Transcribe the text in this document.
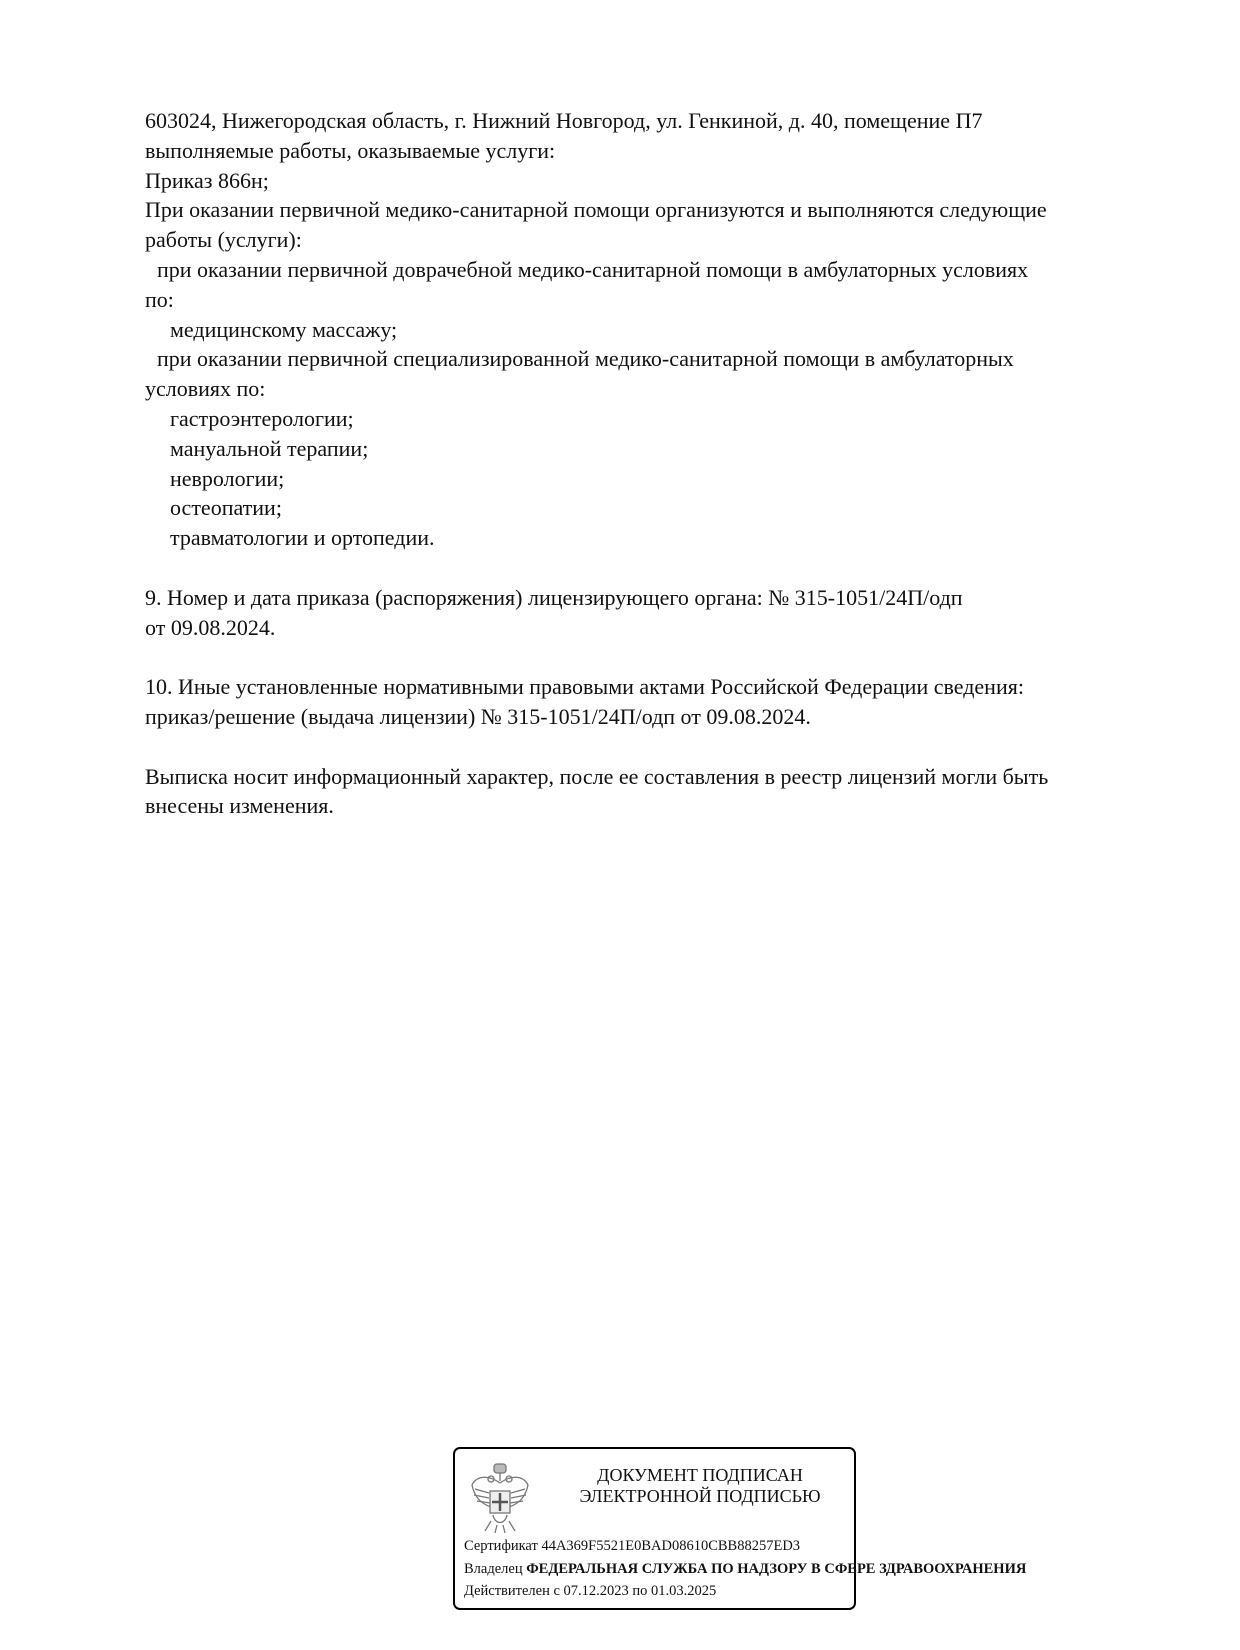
603024, Нижегородская область, г. Нижний Новгород, ул. Генкиной, д. 40, помещение П7
выполняемые работы, оказываемые услуги:
Приказ 866н;
При оказании первичной медико-санитарной помощи организуются и выполняются следующие
работы (услуги):
при оказании первичной доврачебной медико-санитарной помощи в амбулаторных условиях
по:
медицинскому массажу;
при оказании первичной специализированной медико-санитарной помощи в амбулаторных
условиях по:
гастроэнтерологии;
мануальной терапии;
неврологии;
остеопатии;
травматологии и ортопедии.
9. Номер и дата приказа (распоряжения) лицензирующего органа: № 315-1051/24П/одп
от 09.08.2024.
10. Иные установленные нормативными правовыми актами Российской Федерации сведения:
приказ/решение (выдача лицензии) № 315-1051/24П/одп от 09.08.2024.
Выписка носит информационный характер, после ее составления в реестр лицензий могли быть
внесены изменения.
ДОКУМЕНТ ПОДПИСАН
ЭЛЕКТРОННОЙ ПОДПИСЬЮ
Сертификат 44A369F5521E0BAD08610CBB88257ED3
Владелец ФЕДЕРАЛЬНАЯ СЛУЖБА ПО НАДЗОРУ В СФЕРЕ ЗДРАВООХРАНЕНИЯ
Действителен с 07.12.2023 по 01.03.2025
